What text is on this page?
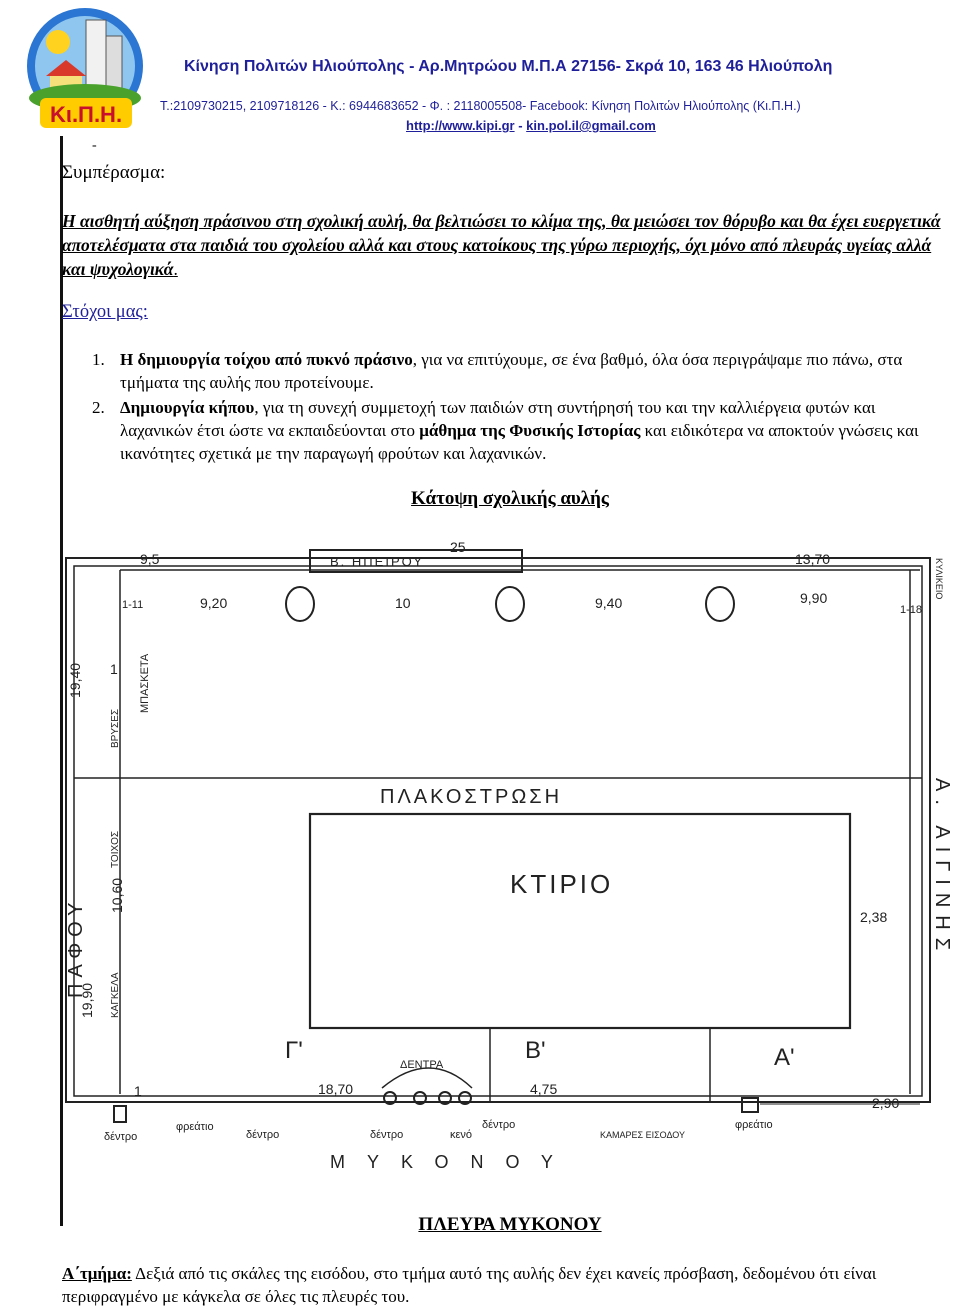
Κι.Π.Η.
Κίνηση Πολιτών Ηλιούπολης - Αρ.Μητρώου Μ.Π.Α 27156- Σκρά 10, 163 46 Ηλιούπολη
Τ.:2109730215, 2109718126 - Κ.: 6944683652 - Φ. : 2118005508- Facebook: Κίνηση Πολιτών Ηλιούπολης (Κι.Π.Η.)
http://www.kipi.gr - kin.pol.il@gmail.com
-
Συμπέρασμα:
Η αισθητή αύξηση πράσινου στη σχολική αυλή, θα βελτιώσει το κλίμα της, θα μειώσει τον θόρυβο και θα έχει ευεργετικά αποτελέσματα στα παιδιά του σχολείου αλλά και στους κατοίκους της γύρω περιοχής, όχι μόνο από πλευράς υγείας αλλά και ψυχολογικά.
Στόχοι μας:
1. Η δημιουργία τοίχου από πυκνό πράσινο, για να επιτύχουμε, σε ένα βαθμό, όλα όσα περιγράψαμε πιο πάνω, στα τμήματα της αυλής που προτείνουμε.
2. Δημιουργία κήπου, για τη συνεχή συμμετοχή των παιδιών στη συντήρησή του και την καλλιέργεια φυτών και λαχανικών έτσι ώστε να εκπαιδεύονται στο μάθημα της Φυσικής Ιστορίας και ειδικότερα να αποκτούν γνώσεις και ικανότητες σχετικά με την παραγωγή φρούτων και λαχανικών.
Κάτοψη σχολικής αυλής
9,5
25
13,70
9,20	10	9,40	9,90
1-11	1-18
19,40
10,60
19,90
2,38
18,70	4,75
2,90
1
1
Β. ΗΠΕΙΡΟΥ
ΠΑΦΟΥ	Α. ΑΙΓΙΝΗΣ
ΜΥΚΟΝΟΥ
ΠΛΑΚΟΣΤΡΩΣΗ
ΚΤΙΡΙΟ
ΔΕΝΤΡΑ
Γ'	Β'	Α'
ΜΠΑΣΚΕΤΑ
ΒΡΥΣΕΣ
ΤΟΙΧΟΣ
ΚΑΓΚΕΛΑ
δέντρο
φρεάτιο
δέντρο	δέντρο	κενό
δέντρο	φρεάτιο
ΚΑΜΑΡΕΣ ΕΙΣΟΔΟΥ
ΚΥΛΙΚΕΙΟ
ΠΛΕΥΡΑ ΜΥΚΟΝΟΥ
Α΄τμήμα: Δεξιά από τις σκάλες της εισόδου, στο τμήμα αυτό της αυλής δεν έχει κανείς πρόσβαση, δεδομένου ότι είναι περιφραγμένο με κάγκελα σε όλες τις πλευρές του.
